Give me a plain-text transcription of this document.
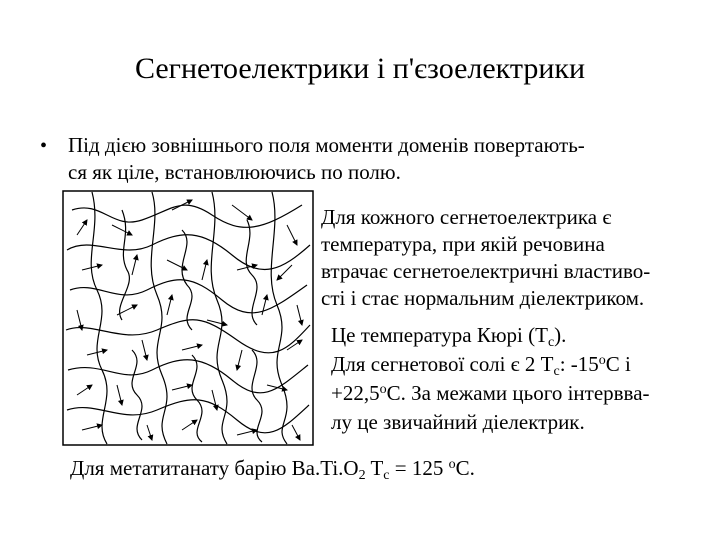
Сегнетоелектрики і п'єзоелектрики
• Під дією зовнішнього поля моменти доменів повертають-
ся як ціле, встановлюючись по полю.
Для кожного сегнетоелектрика є
температура, при якій речовина
втрачає сегнетоелектричні властиво-
сті і стає нормальним діелектриком.
Це температура Кюрі $(Т_с)$.
Для сегнетової солі є 2 $Т_с$: $-15^оС$ і
$+22,5^оС$. За межами цього інтервва-
лу це звичайний діелектрик.
Для метатитанату барію $Ba.Ti.O_2$ $T_c = 125$ $^о$C.
